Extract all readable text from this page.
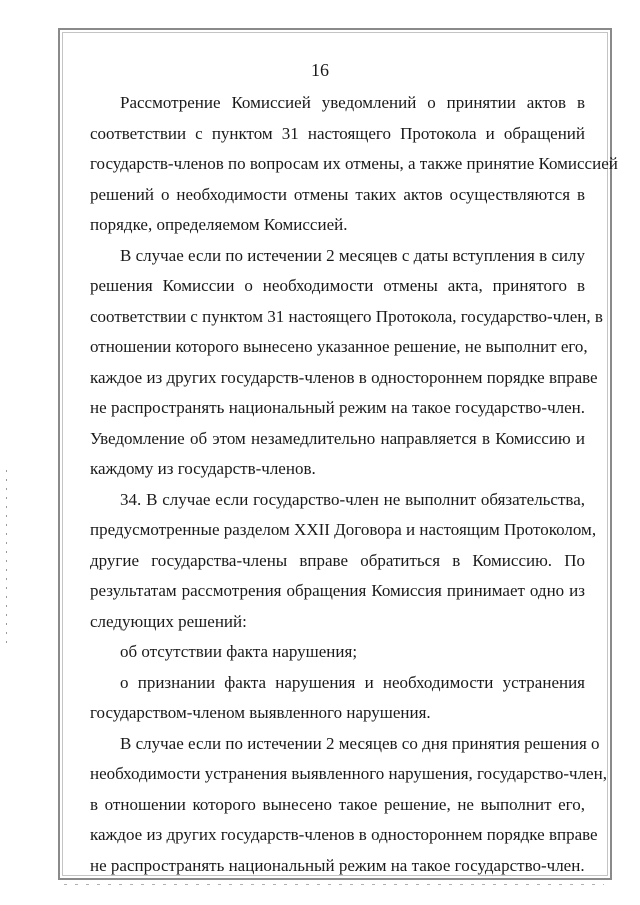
16
Рассмотрение Комиссией уведомлений о принятии актов в
соответствии с пунктом 31 настоящего Протокола и обращений
государств-членов по вопросам их отмены, а также принятие Комиссией
решений о необходимости отмены таких актов осуществляются в
порядке, определяемом Комиссией.
В случае если по истечении 2 месяцев с даты вступления в силу
решения Комиссии о необходимости отмены акта, принятого в
соответствии с пунктом 31 настоящего Протокола, государство-член, в
отношении которого вынесено указанное решение, не выполнит его,
каждое из других государств-членов в одностороннем порядке вправе
не распространять национальный режим на такое государство-член.
Уведомление об этом незамедлительно направляется в Комиссию и
каждому из государств-членов.
34. В случае если государство-член не выполнит обязательства,
предусмотренные разделом XXII Договора и настоящим Протоколом,
другие государства-члены вправе обратиться в Комиссию. По
результатам рассмотрения обращения Комиссия принимает одно из
следующих решений:
об отсутствии факта нарушения;
о признании факта нарушения и необходимости устранения
государством-членом выявленного нарушения.
В случае если по истечении 2 месяцев со дня принятия решения о
необходимости устранения выявленного нарушения, государство-член,
в отношении которого вынесено такое решение, не выполнит его,
каждое из других государств-членов в одностороннем порядке вправе
не распространять национальный режим на такое государство-член.
